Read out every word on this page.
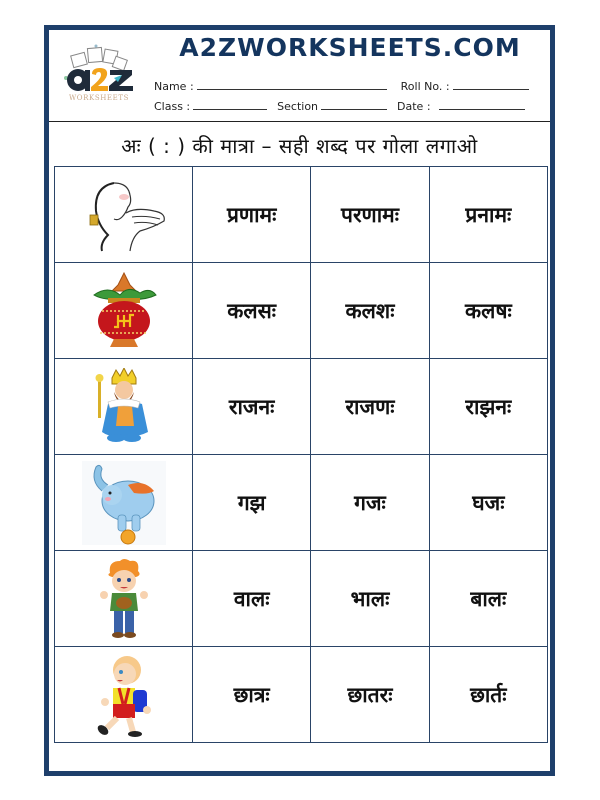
WORKSHEETS
A2ZWORKSHEETS.COM
Name :	Roll No. :
Class :	Section	Date :
अः ( : ) की मात्रा – सही शब्द पर गोला लगाओ
	प्रणामः	परणामः	प्रनामः

	कलसः	कलशः	कलषः

	राजनः	राजणः	राझनः

	गझ	गजः	घजः

	वालः	भालः	बालः

	छात्रः	छातरः	छार्तः
